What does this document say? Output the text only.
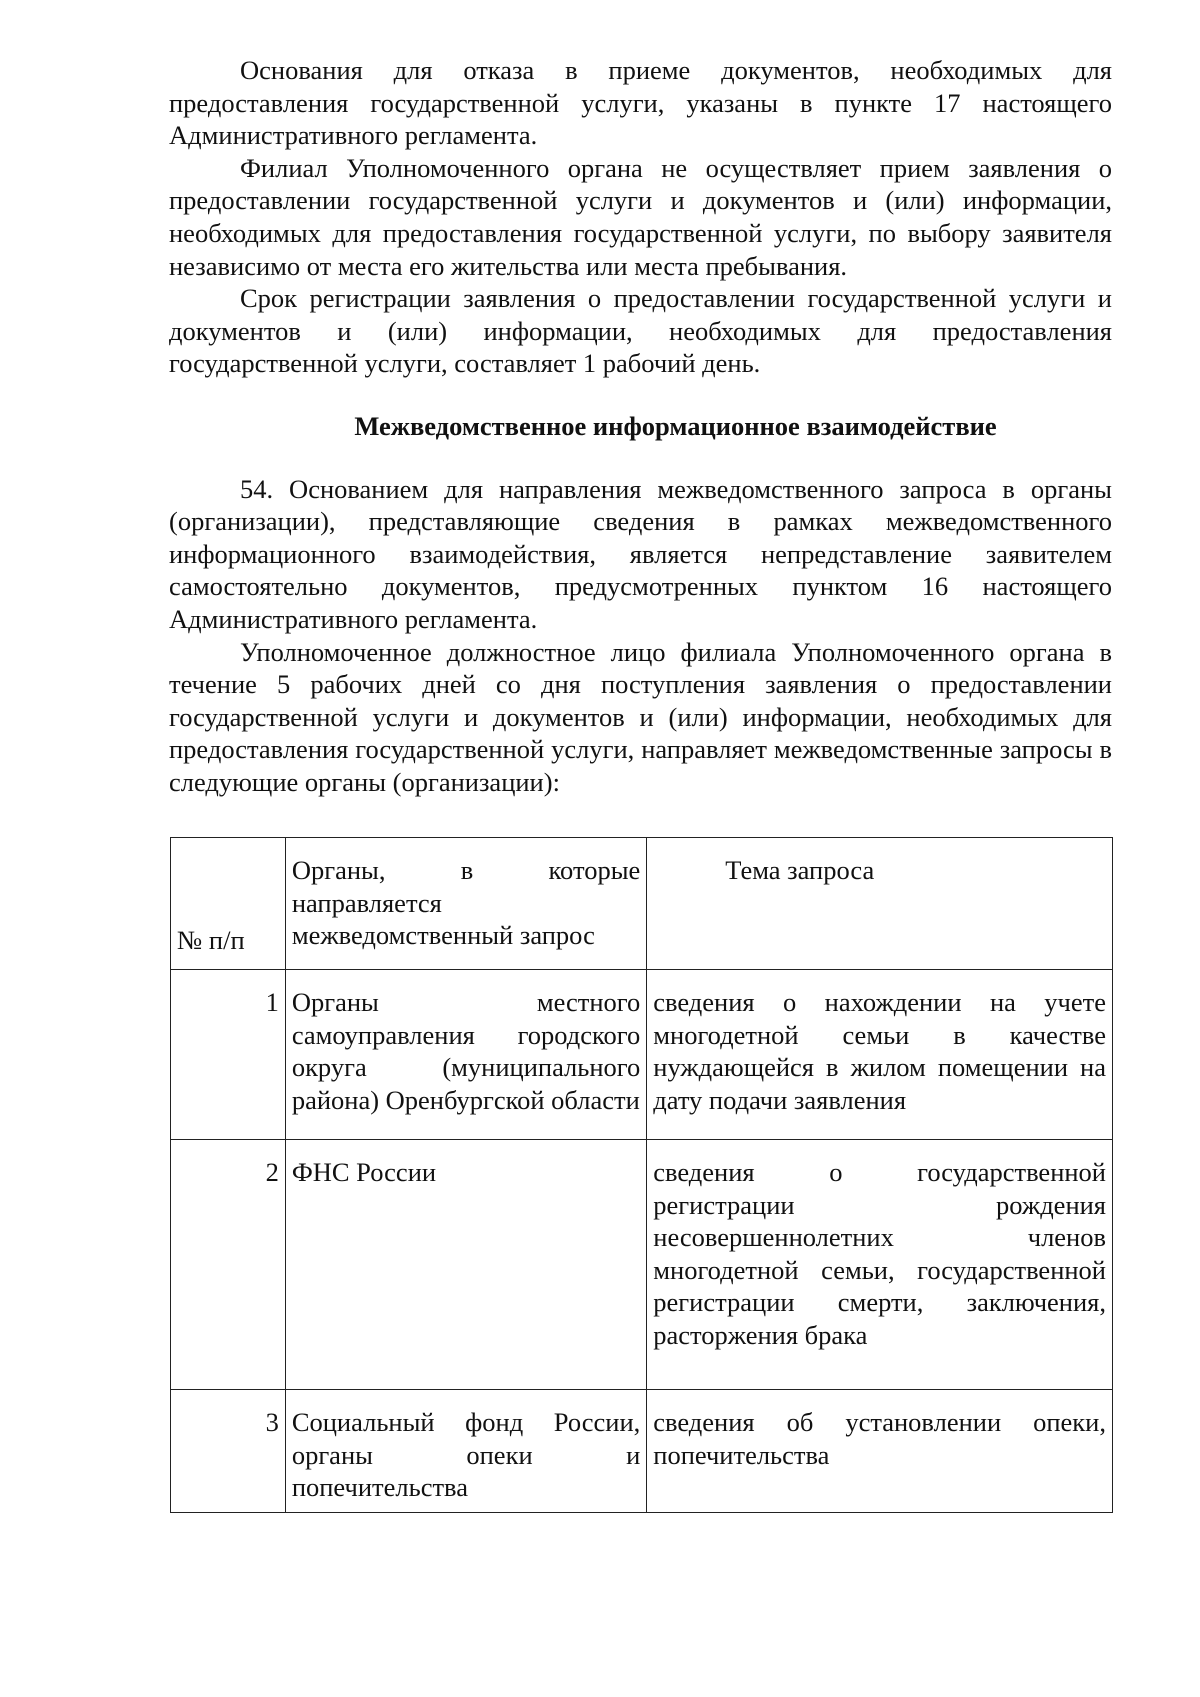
Основания для отказа в приеме документов, необходимых для предоставления государственной услуги, указаны в пункте 17 настоящего Административного регламента.

Филиал Уполномоченного органа не осуществляет прием заявления о предоставлении государственной услуги и документов и (или) информации, необходимых для предоставления государственной услуги, по выбору заявителя независимо от места его жительства или места пребывания.

Срок регистрации заявления о предоставлении государственной услуги и документов и (или) информации, необходимых для предоставления государственной услуги, составляет 1 рабочий день.

Межведомственное информационное взаимодействие

54. Основанием для направления межведомственного запроса в органы (организации), представляющие сведения в рамках межведомственного информационного взаимодействия, является непредставление заявителем самостоятельно документов, предусмотренных пунктом 16 настоящего Административного регламента.

Уполномоченное должностное лицо филиала Уполномоченного органа в течение 5 рабочих дней со дня поступления заявления о предоставлении государственной услуги и документов и (или) информации, необходимых для предоставления государственной услуги, направляет межведомственные запросы в следующие органы (организации):

№ п/п	Органы, в которые направляется межведомственный запрос	Тема запроса
1	Органы местного самоуправления городского округа (муниципального района) Оренбургской области	сведения о нахождении на учете многодетной семьи в качестве нуждающейся в жилом помещении на дату подачи заявления
2	ФНС России	сведения о государственной регистрации рождения несовершеннолетних членов многодетной семьи, государственной регистрации смерти, заключения, расторжения брака
3	Социальный фонд России, органы опеки и попечительства	сведения об установлении опеки, попечительства
